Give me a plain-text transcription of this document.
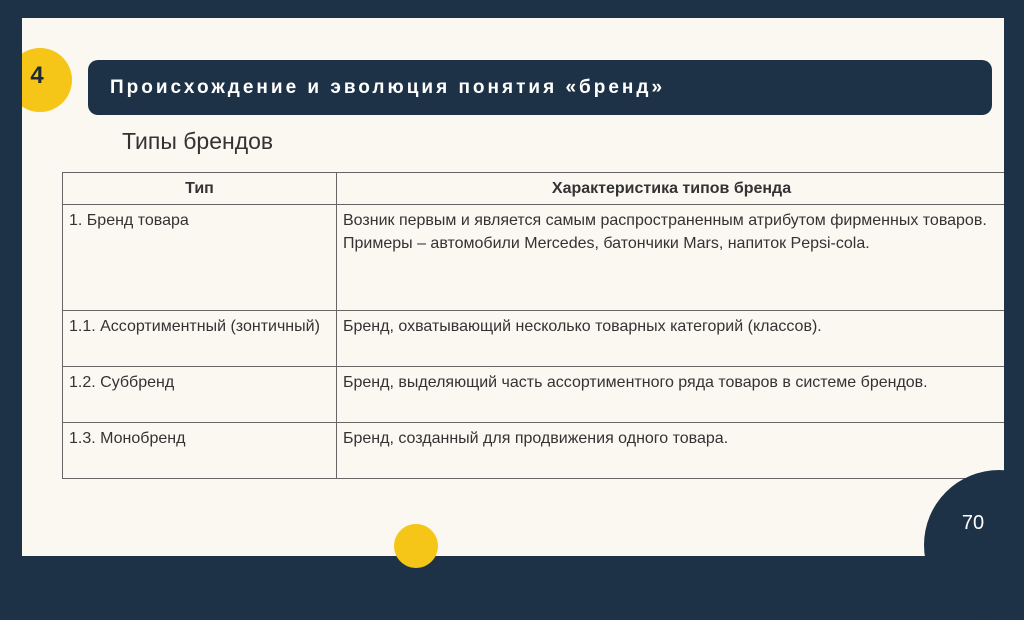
4	Происхождение и эволюция понятия «бренд»
Типы брендов
Тип	Характеристика типов бренда
1. Бренд товара	Возник первым и является самым распространенным атрибутом фирменных товаров.

Примеры – автомобили Mercedes, батончики Mars, напиток Pepsi-cola.

1.1. Ассортиментный (зонтичный)	Бренд, охватывающий несколько товарных категорий (классов).

1.2. Суббренд	Бренд, выделяющий часть ассортиментного ряда товаров в системе брендов.

1.3. Монобренд	Бренд, созданный для продвижения одного товара.

70
